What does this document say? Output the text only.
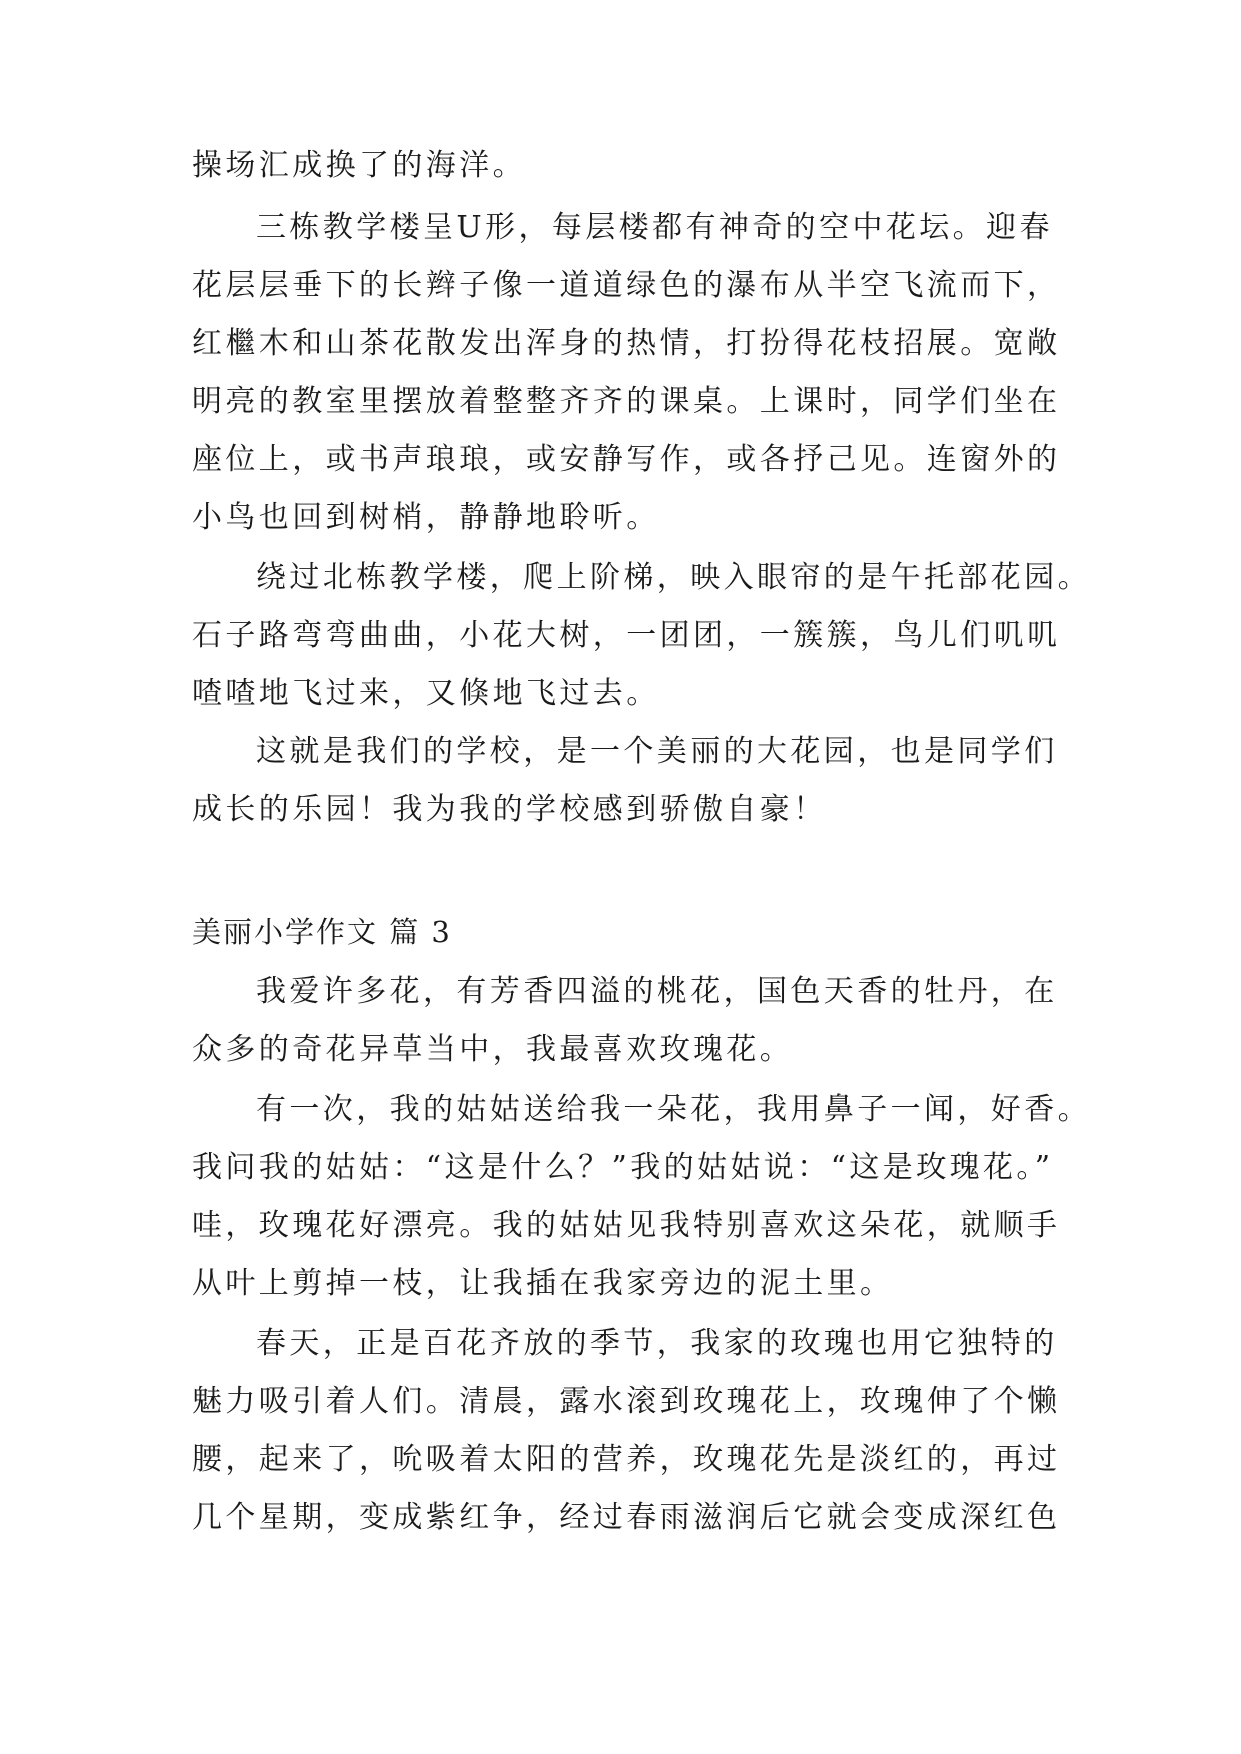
操场汇成换了的海洋。
三栋教学楼呈U形，每层楼都有神奇的空中花坛。迎春
花层层垂下的长辫子像一道道绿色的瀑布从半空飞流而下，
红檵木和山茶花散发出浑身的热情，打扮得花枝招展。宽敞
明亮的教室里摆放着整整齐齐的课桌。上课时，同学们坐在
座位上，或书声琅琅，或安静写作，或各抒己见。连窗外的
小鸟也回到树梢，静静地聆听。
绕过北栋教学楼，爬上阶梯，映入眼帘的是午托部花园。
石子路弯弯曲曲，小花大树，一团团，一簇簇，鸟儿们叽叽
喳喳地飞过来，又倏地飞过去。
这就是我们的学校，是一个美丽的大花园，也是同学们
成长的乐园！我为我的学校感到骄傲自豪！
美丽小学作文 篇 3
我爱许多花，有芳香四溢的桃花，国色天香的牡丹，在
众多的奇花异草当中，我最喜欢玫瑰花。
有一次，我的姑姑送给我一朵花，我用鼻子一闻，好香。
我问我的姑姑：“这是什么？”我的姑姑说：“这是玫瑰花。”
哇，玫瑰花好漂亮。我的姑姑见我特别喜欢这朵花，就顺手
从叶上剪掉一枝，让我插在我家旁边的泥土里。
春天，正是百花齐放的季节，我家的玫瑰也用它独特的
魅力吸引着人们。清晨，露水滚到玫瑰花上，玫瑰伸了个懒
腰，起来了，吮吸着太阳的营养，玫瑰花先是淡红的，再过
几个星期，变成紫红争，经过春雨滋润后它就会变成深红色
